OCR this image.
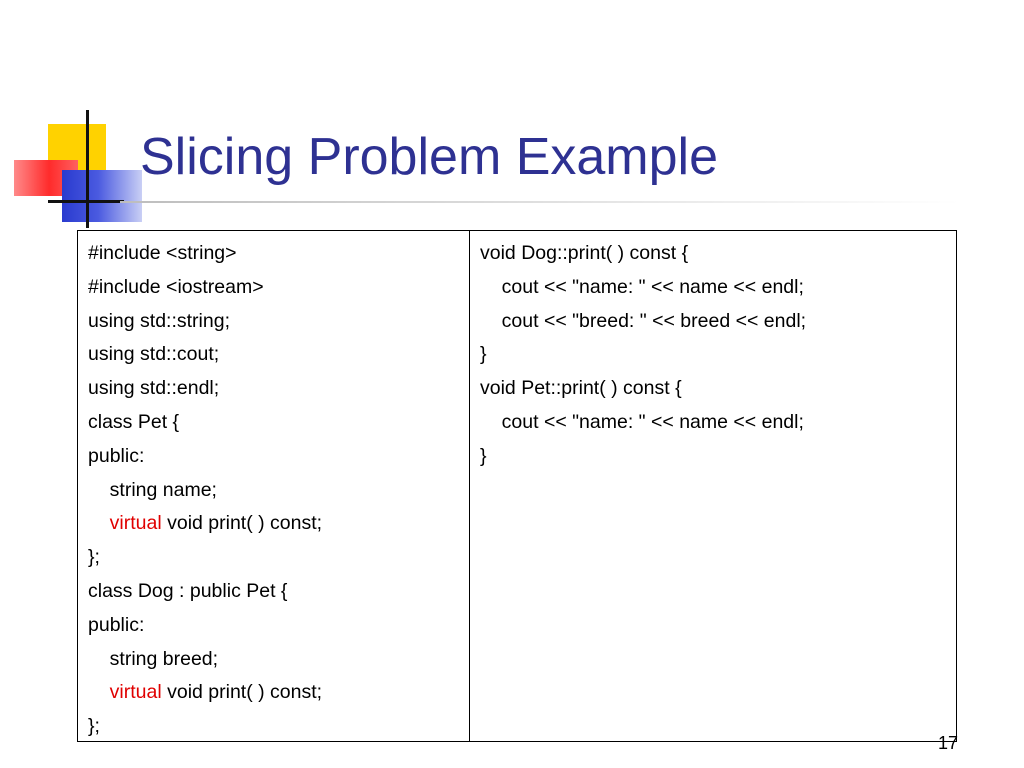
Slicing Problem Example
#include <string>
#include <iostream>
using std::string;
using std::cout;
using std::endl;
class Pet {
public:
string name;
virtual void print( ) const;
};
class Dog : public Pet {
public:
string breed;
virtual void print( ) const;
};
void Dog::print( ) const {
cout << "name: " << name << endl;
cout << "breed: " << breed << endl;
}
void Pet::print( ) const {
cout << "name: " << name << endl;
}
17
